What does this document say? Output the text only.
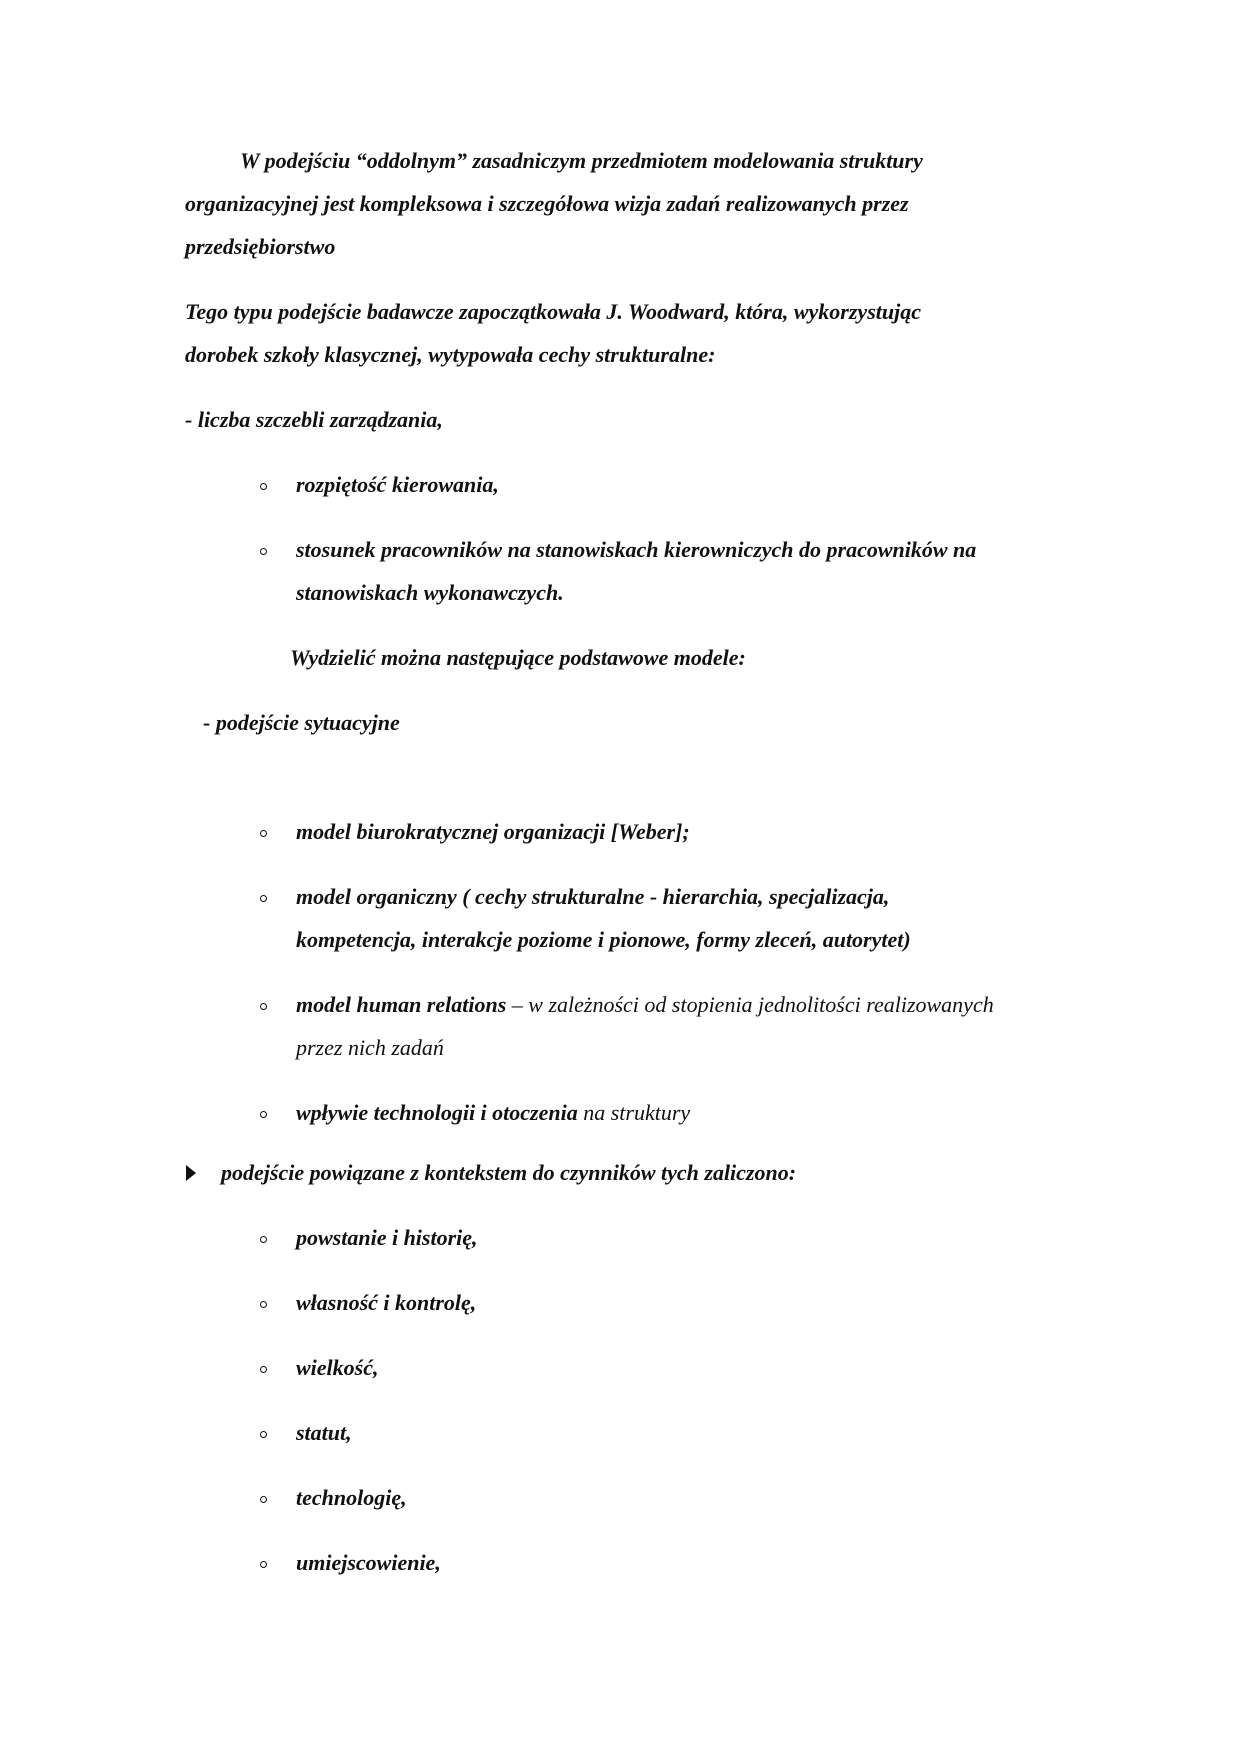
W podejściu “oddolnym” zasadniczym przedmiotem modelowania struktury
organizacyjnej jest kompleksowa i szczegółowa wizja zadań realizowanych przez
przedsiębiorstwo
Tego typu podejście badawcze zapoczątkowała J. Woodward, która, wykorzystując
dorobek szkoły klasycznej, wytypowała cechy strukturalne:
- liczba szczebli zarządzania,
rozpiętość kierowania,
stosunek pracowników na stanowiskach kierowniczych do pracowników na
stanowiskach wykonawczych.
Wydzielić można następujące podstawowe modele:
- podejście sytuacyjne
model biurokratycznej organizacji [Weber];
model organiczny ( cechy strukturalne - hierarchia, specjalizacja,
kompetencja, interakcje poziome i pionowe, formy zleceń, autorytet)
model human relations – w zależności od stopienia jednolitości realizowanych
przez nich zadań
wpływie technologii i otoczenia na struktury
podejście powiązane z kontekstem do czynników tych zaliczono:
powstanie i historię,
własność i kontrolę,
wielkość,
statut,
technologię,
umiejscowienie,
